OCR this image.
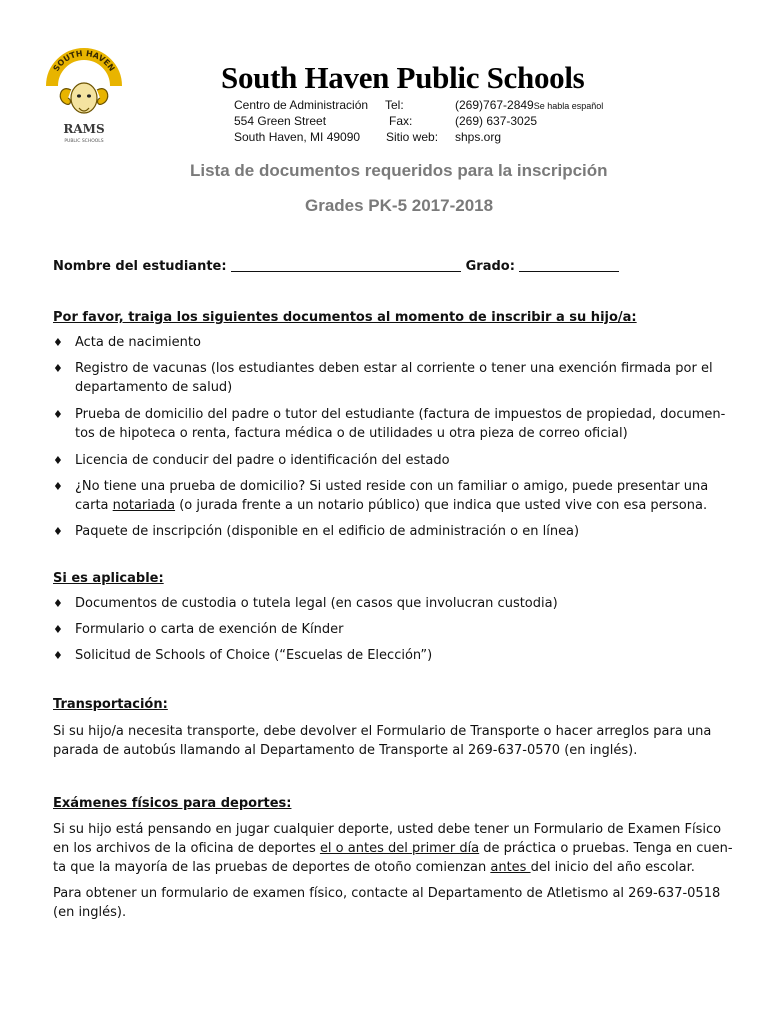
SOUTH HAVEN
RAMS
PUBLIC SCHOOLS
South Haven Public Schools
Centro de Administración
554 Green Street
South Haven, MI 49090
Tel:
Fax:
Sitio web:
(269)767-2849Se habla español
(269) 637-3025
shps.org
Lista de documentos requeridos para la inscripción
Grades PK-5 2017-2018
Nombre del estudiante:	Grado:
Por favor, traiga los siguientes documentos al momento de inscribir a su hijo/a:
♦ Acta de nacimiento
♦ Registro de vacunas (los estudiantes deben estar al corriente o tener una exención firmada por el
departamento de salud)
♦ Prueba de domicilio del padre o tutor del estudiante (factura de impuestos de propiedad, documen-
tos de hipoteca o renta, factura médica o de utilidades u otra pieza de correo oficial)
♦ Licencia de conducir del padre o identificación del estado
♦ ¿No tiene una prueba de domicilio? Si usted reside con un familiar o amigo, puede presentar una
carta notariada (o jurada frente a un notario público) que indica que usted vive con esa persona.
♦ Paquete de inscripción (disponible en el edificio de administración o en línea)
Si es aplicable:
♦ Documentos de custodia o tutela legal (en casos que involucran custodia)
♦ Formulario o carta de exención de Kínder
♦ Solicitud de Schools of Choice (“Escuelas de Elección”)
Transportación:
Si su hijo/a necesita transporte, debe devolver el Formulario de Transporte o hacer arreglos para una
parada de autobús llamando al Departamento de Transporte al 269-637-0570 (en inglés).
Exámenes físicos para deportes:
Si su hijo está pensando en jugar cualquier deporte, usted debe tener un Formulario de Examen Físico
en los archivos de la oficina de deportes el o antes del primer día de práctica o pruebas. Tenga en cuen-
ta que la mayoría de las pruebas de deportes de otoño comienzan antes del inicio del año escolar.
Para obtener un formulario de examen físico, contacte al Departamento de Atletismo al 269-637-0518
(en inglés).
